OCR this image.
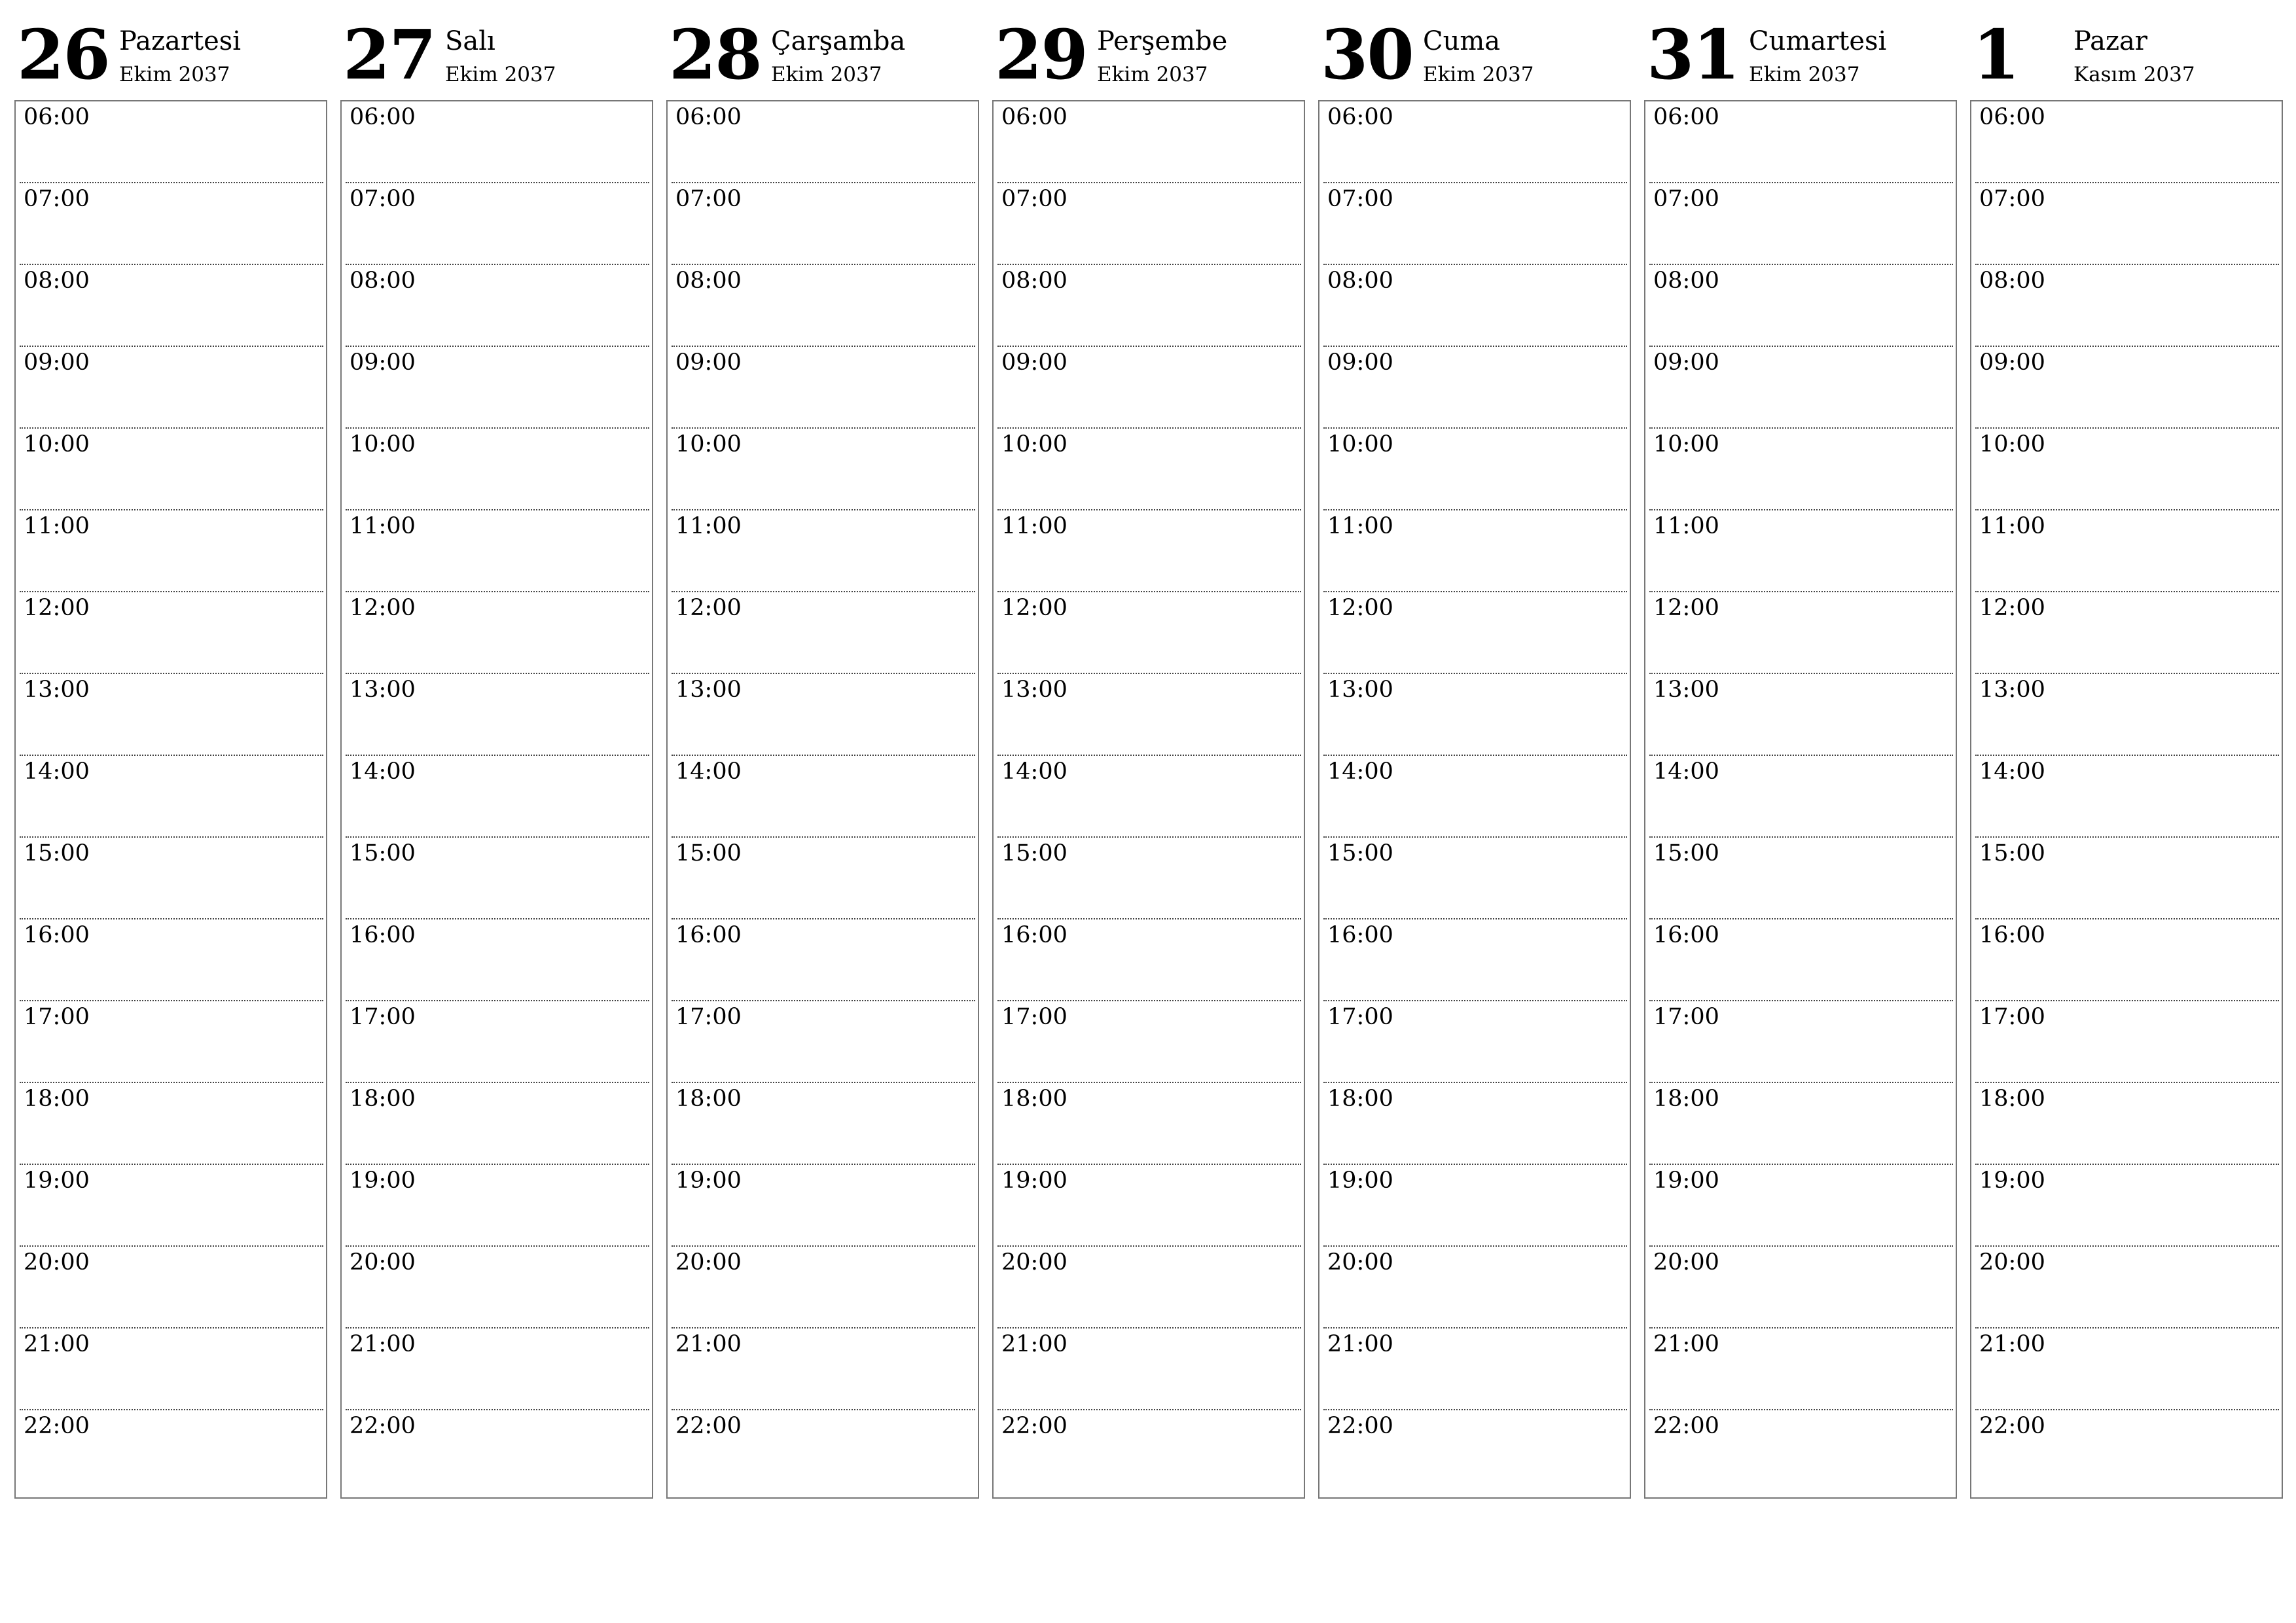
26 Pazartesi
Ekim 2037
06:00
07:00
08:00
09:00
10:00
11:00
12:00
13:00
14:00
15:00
16:00
17:00
18:00
19:00
20:00
21:00
22:00
27 Salı
Ekim 2037
06:00
07:00
08:00
09:00
10:00
11:00
12:00
13:00
14:00
15:00
16:00
17:00
18:00
19:00
20:00
21:00
22:00
28 Çarşamba
Ekim 2037
06:00
07:00
08:00
09:00
10:00
11:00
12:00
13:00
14:00
15:00
16:00
17:00
18:00
19:00
20:00
21:00
22:00
29 Perşembe
Ekim 2037
06:00
07:00
08:00
09:00
10:00
11:00
12:00
13:00
14:00
15:00
16:00
17:00
18:00
19:00
20:00
21:00
22:00
30 Cuma
Ekim 2037
06:00
07:00
08:00
09:00
10:00
11:00
12:00
13:00
14:00
15:00
16:00
17:00
18:00
19:00
20:00
21:00
22:00
31 Cumartesi
Ekim 2037
06:00
07:00
08:00
09:00
10:00
11:00
12:00
13:00
14:00
15:00
16:00
17:00
18:00
19:00
20:00
21:00
22:00
1 Pazar
Kasım 2037
06:00
07:00
08:00
09:00
10:00
11:00
12:00
13:00
14:00
15:00
16:00
17:00
18:00
19:00
20:00
21:00
22:00
